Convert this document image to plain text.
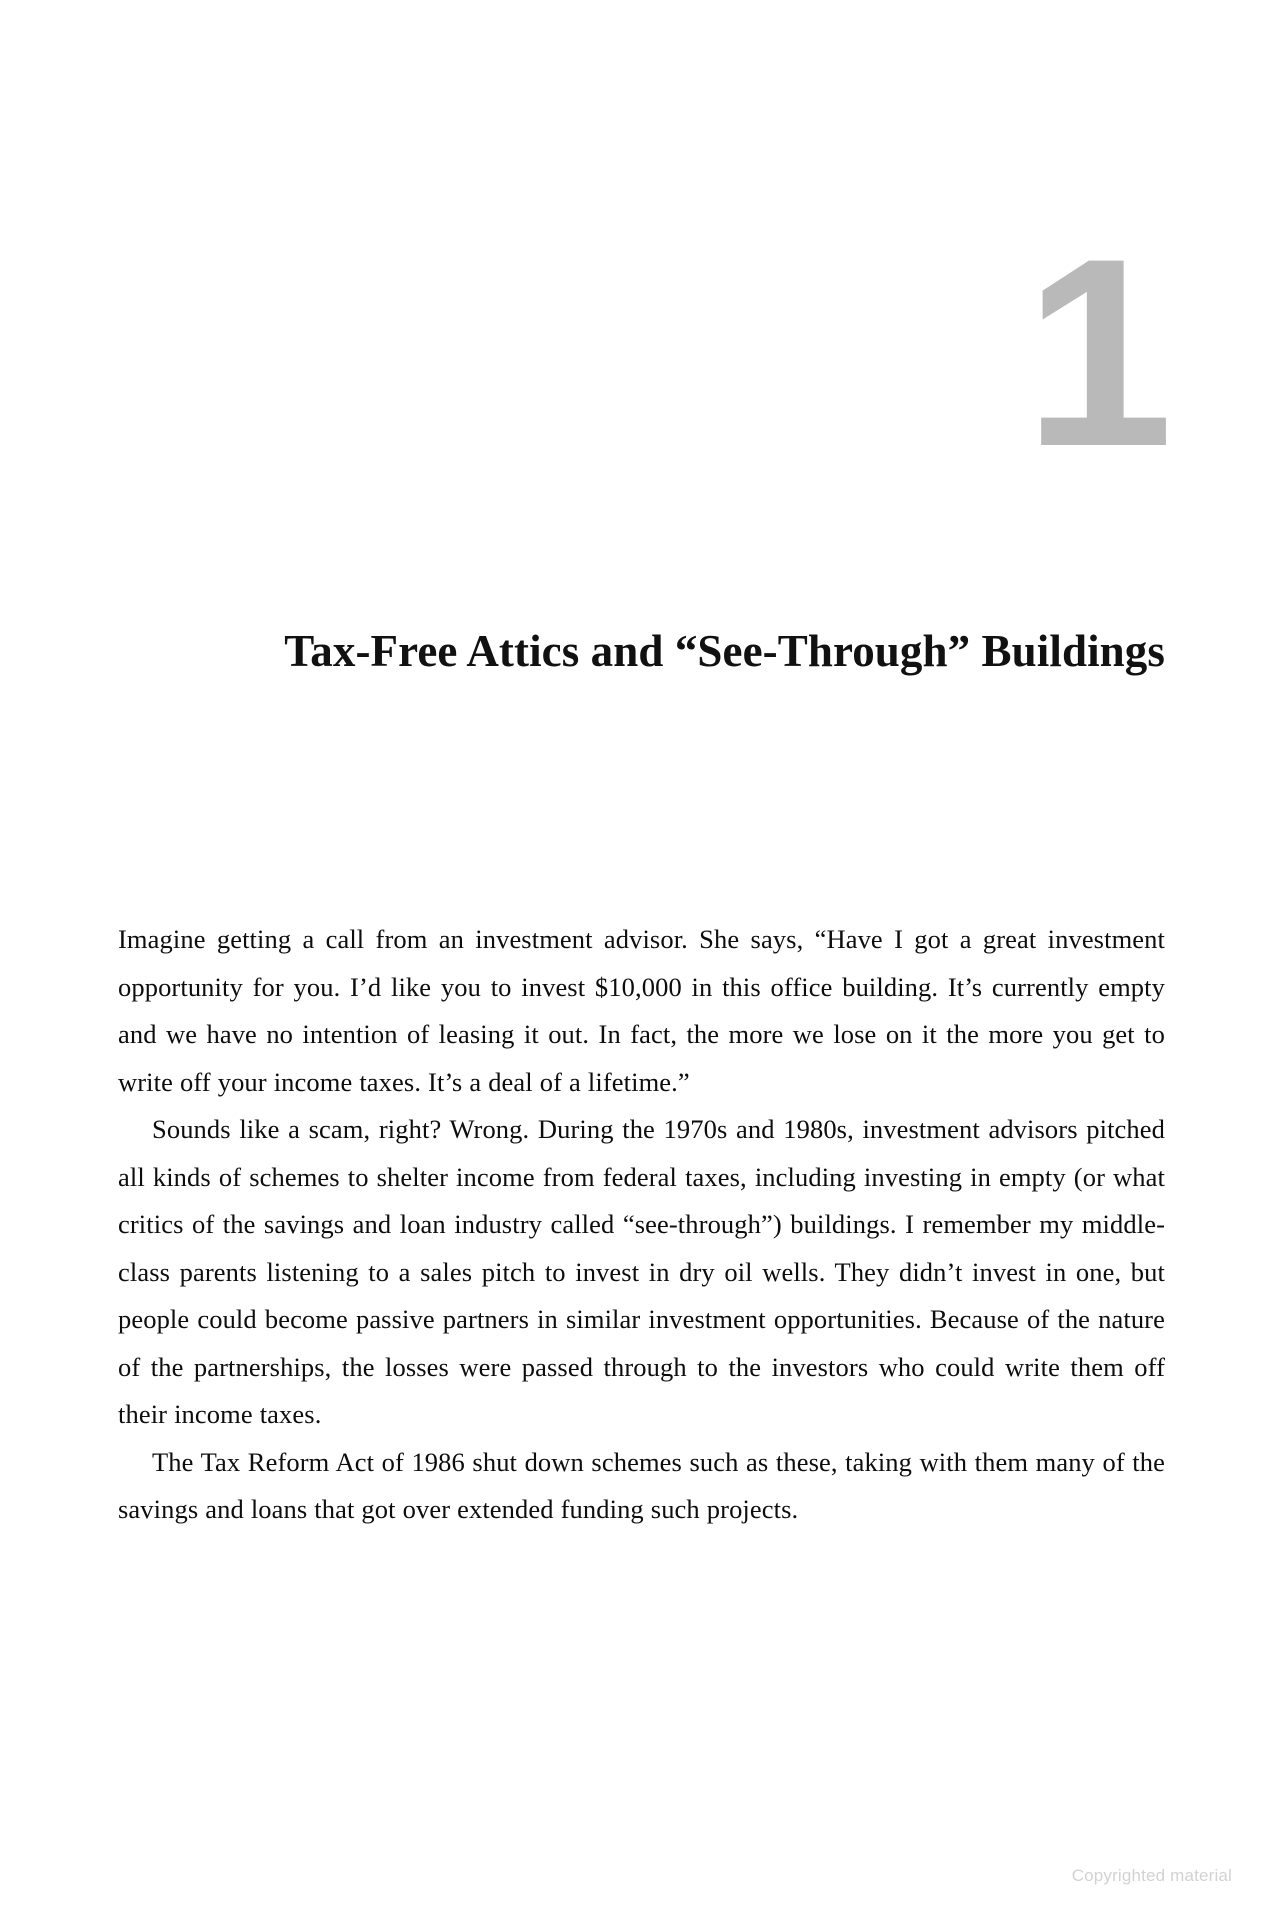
1
Tax-Free Attics and “See-Through” Buildings

Imagine getting a call from an investment advisor. She says, “Have I got a great investment opportunity for you. I’d like you to invest $10,000 in this office building. It’s currently empty and we have no intention of leasing it out. In fact, the more we lose on it the more you get to write off your income taxes. It’s a deal of a lifetime.”

Sounds like a scam, right? Wrong. During the 1970s and 1980s, investment advisors pitched all kinds of schemes to shelter income from federal taxes, including investing in empty (or what critics of the savings and loan industry called “see-through”) buildings. I remember my middle-class parents listening to a sales pitch to invest in dry oil wells. They didn’t invest in one, but people could become passive partners in similar investment opportunities. Because of the nature of the partnerships, the losses were passed through to the investors who could write them off their income taxes.

The Tax Reform Act of 1986 shut down schemes such as these, taking with them many of the savings and loans that got over extended funding such projects.

Copyrighted material
